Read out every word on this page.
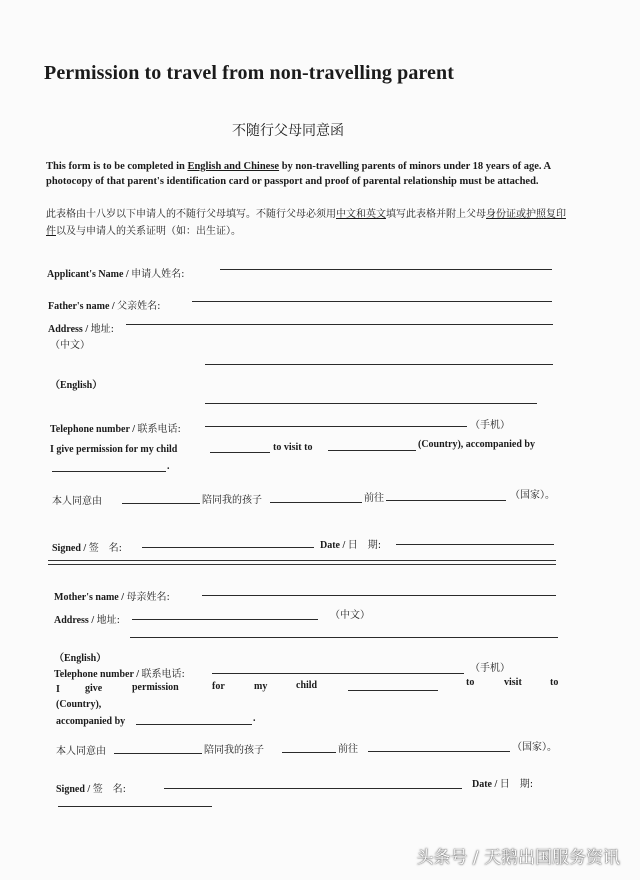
Permission to travel from non-travelling parent
不随行父母同意函
This form is to be completed in English and Chinese by non-travelling parents of minors under 18 years of age. A photocopy of that parent's identification card or passport and proof of parental relationship must be attached.
此表格由十八岁以下申请人的不随行父母填写。不随行父母必须用中文和英文填写此表格并附上父母身份证或护照复印件以及与申请人的关系证明（如：出生证）。
Applicant's Name / 申请人姓名:
Father's name / 父亲姓名:
Address / 地址:
（中文）
（English）
Telephone number / 联系电话:	（手机）
I give permission for my child	to visit to	(Country), accompanied by
.
本人同意由	陪同我的孩子	前往	（国家）。
Signed / 签　名:	Date / 日　期:
Mother's name / 母亲姓名:
Address / 地址:	（中文）
（English）
Telephone number / 联系电话:
（手机）
I	give	permission	for	my	child	to	visit	to
(Country),
accompanied by	.
本人同意由	陪同我的孩子	前往	（国家）。
Signed / 签　名:	Date / 日　期:
头条号 / 天鹅出国服务资讯
